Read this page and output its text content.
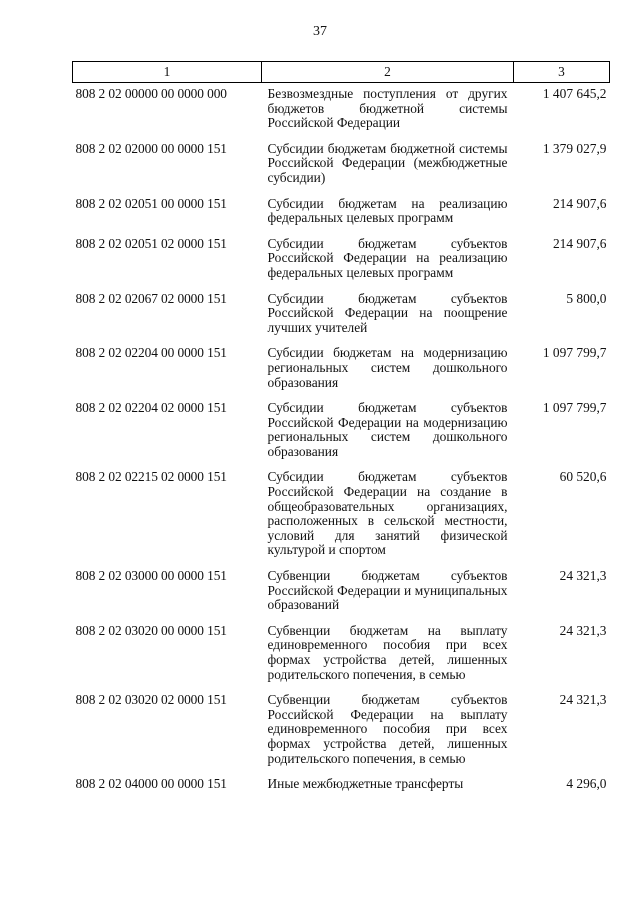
37
1	2	3
808 2 02 00000 00 0000 000	Безвозмездные поступления от других бюджетов бюджетной системы Российской Федерации	1 407 645,2
808 2 02 02000 00 0000 151	Субсидии бюджетам бюджетной системы Российской Федерации (межбюджетные субсидии)	1 379 027,9
808 2 02 02051 00 0000 151	Субсидии бюджетам на реализацию федеральных целевых программ	214 907,6
808 2 02 02051 02 0000 151	Субсидии бюджетам субъектов Российской Федерации на реализацию федеральных целевых программ	214 907,6
808 2 02 02067 02 0000 151	Субсидии бюджетам субъектов Российской Федерации на поощрение лучших учителей	5 800,0
808 2 02 02204 00 0000 151	Субсидии бюджетам на модернизацию региональных систем дошкольного образования	1 097 799,7
808 2 02 02204 02 0000 151	Субсидии бюджетам субъектов Российской Федерации на модернизацию региональных систем дошкольного образования	1 097 799,7
808 2 02 02215 02 0000 151	Субсидии бюджетам субъектов Российской Федерации на создание в общеобразовательных организациях, расположенных в сельской местности, условий для занятий физической культурой и спортом	60 520,6
808 2 02 03000 00 0000 151	Субвенции бюджетам субъектов Российской Федерации и муниципальных образований	24 321,3
808 2 02 03020 00 0000 151	Субвенции бюджетам на выплату единовременного пособия при всех формах устройства детей, лишенных родительского попечения, в семью	24 321,3
808 2 02 03020 02 0000 151	Субвенции бюджетам субъектов Российской Федерации на выплату единовременного пособия при всех формах устройства детей, лишенных родительского попечения, в семью	24 321,3
808 2 02 04000 00 0000 151	Иные межбюджетные трансферты	4 296,0
